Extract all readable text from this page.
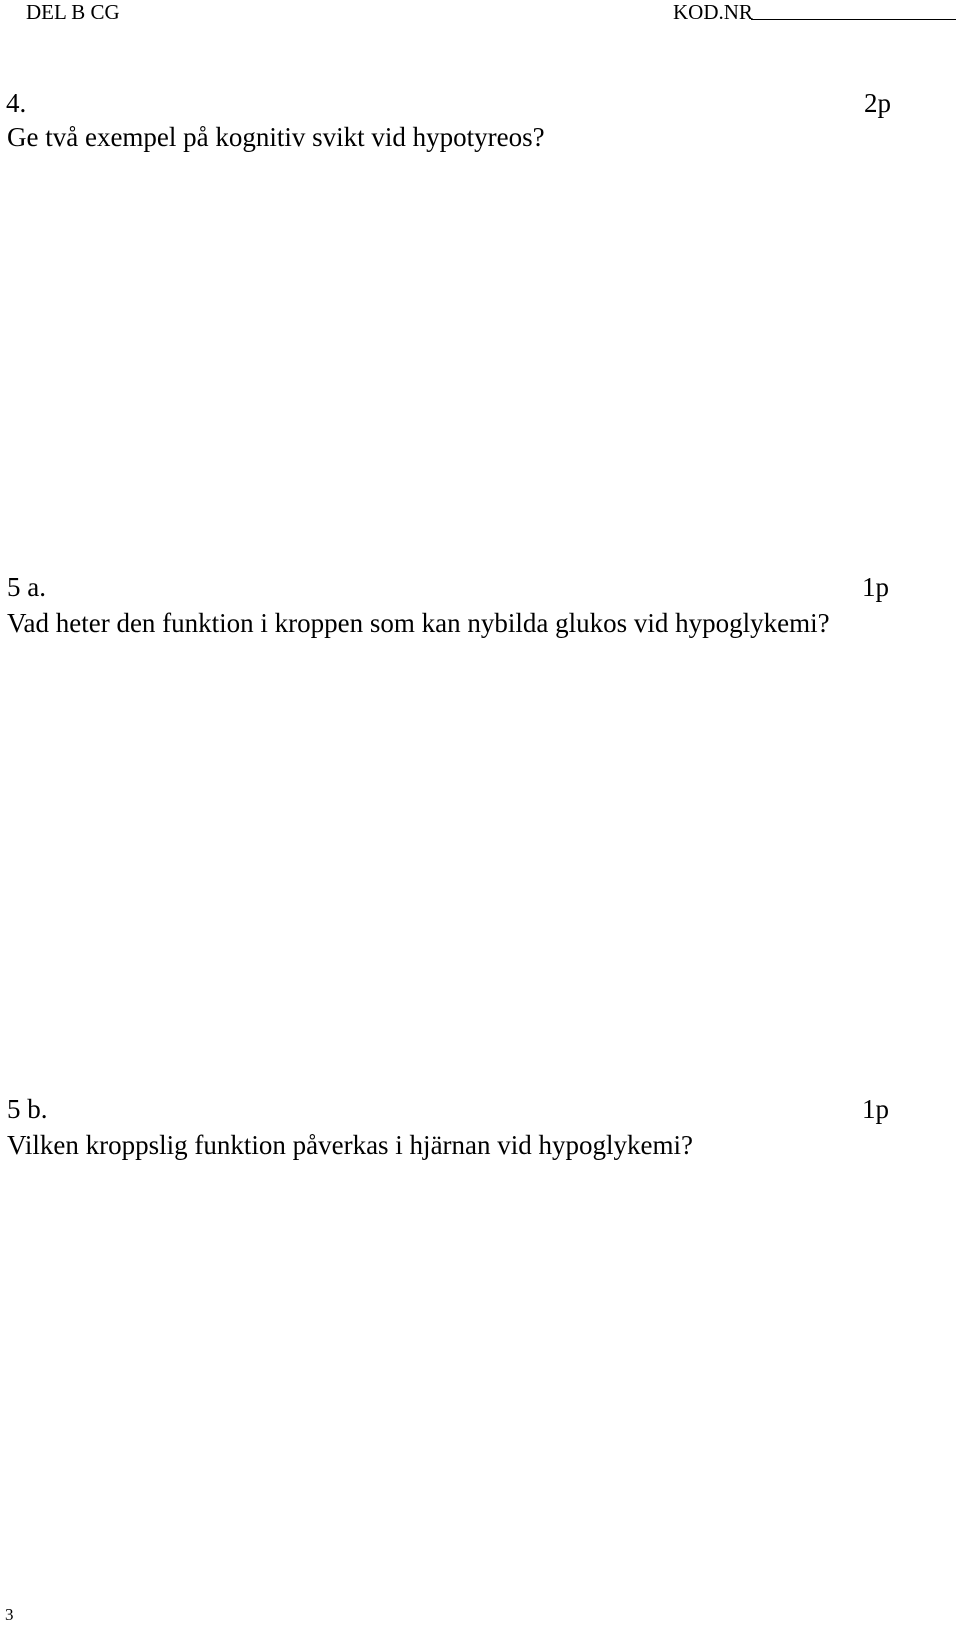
DEL B CG	KOD.NR
4.	2p
Ge två exempel på kognitiv svikt vid hypotyreos?
5 a.	1p
Vad heter den funktion i kroppen som kan nybilda glukos vid hypoglykemi?
5 b.	1p
Vilken kroppslig funktion påverkas i hjärnan vid hypoglykemi?
3
